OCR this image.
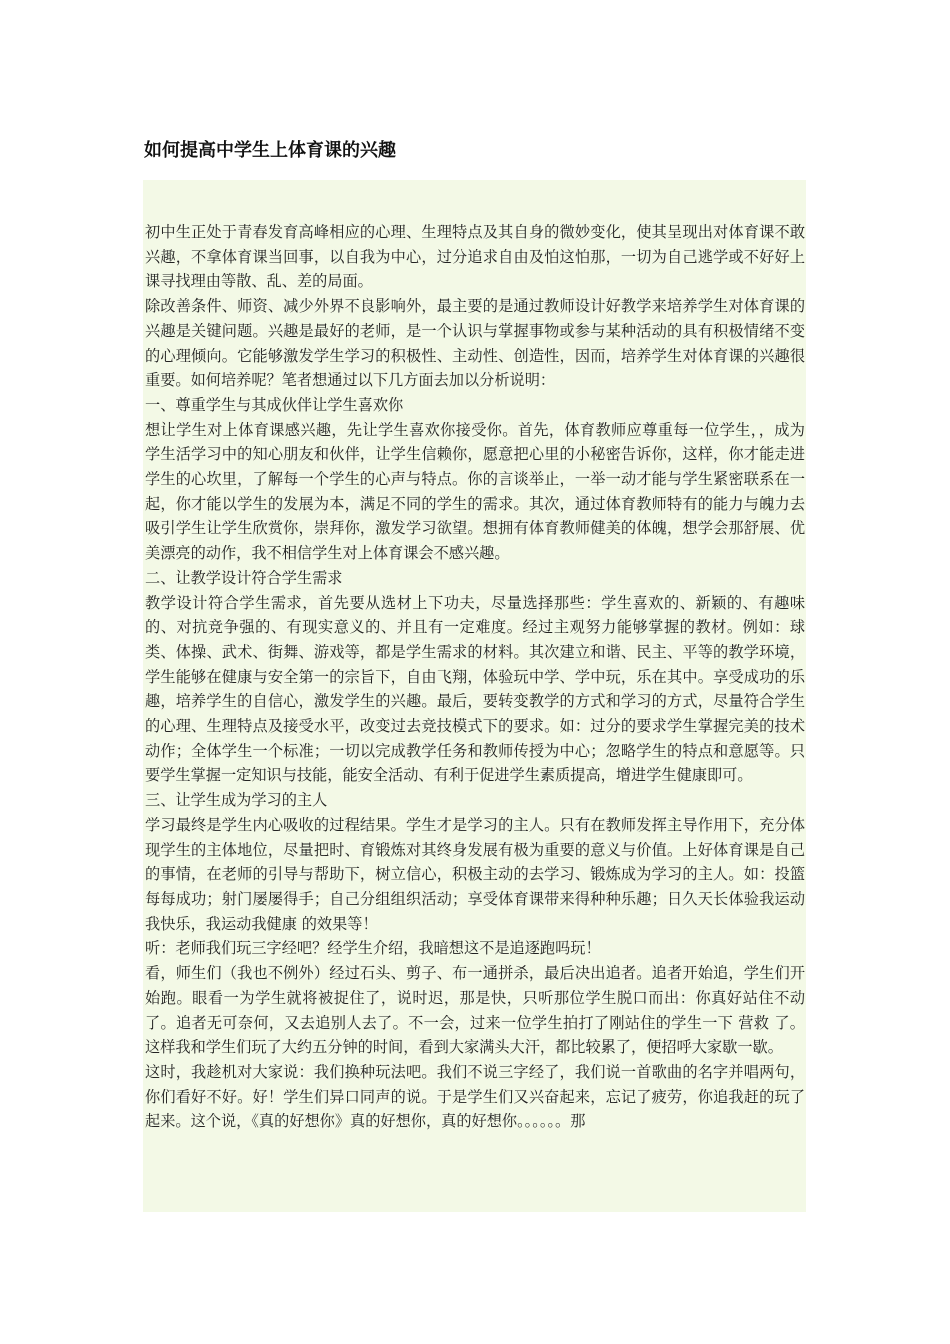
如何提高中学生上体育课的兴趣

初中生正处于青春发育高峰相应的心理、生理特点及其自身的微妙变化，使其呈现出对体育课不敢兴趣，不拿体育课当回事，以自我为中心，过分追求自由及怕这怕那，一切为自己逃学或不好好上课寻找理由等散、乱、差的局面。

除改善条件、师资、减少外界不良影响外，最主要的是通过教师设计好教学来培养学生对体育课的兴趣是关键问题。兴趣是最好的老师，是一个认识与掌握事物或参与某种活动的具有积极情绪不变的心理倾向。它能够激发学生学习的积极性、主动性、创造性，因而，培养学生对体育课的兴趣很重要。如何培养呢？笔者想通过以下几方面去加以分析说明：

一、尊重学生与其成伙伴让学生喜欢你

想让学生对上体育课感兴趣，先让学生喜欢你接受你。首先，体育教师应尊重每一位学生，，成为学生活学习中的知心朋友和伙伴，让学生信赖你，愿意把心里的小秘密告诉你，这样，你才能走进学生的心坎里，了解每一个学生的心声与特点。你的言谈举止，一举一动才能与学生紧密联系在一起，你才能以学生的发展为本，满足不同的学生的需求。其次，通过体育教师特有的能力与魄力去吸引学生让学生欣赏你，崇拜你，激发学习欲望。想拥有体育教师健美的体魄，想学会那舒展、优美漂亮的动作，我不相信学生对上体育课会不感兴趣。

二、让教学设计符合学生需求

教学设计符合学生需求，首先要从选材上下功夫，尽量选择那些：学生喜欢的、新颖的、有趣味的、对抗竞争强的、有现实意义的、并且有一定难度。经过主观努力能够掌握的教材。例如：球类、体操、武术、街舞、游戏等，都是学生需求的材料。其次建立和谐、民主、平等的教学环境，学生能够在健康与安全第一的宗旨下，自由飞翔，体验玩中学、学中玩，乐在其中。享受成功的乐趣，培养学生的自信心，激发学生的兴趣。最后，要转变教学的方式和学习的方式，尽量符合学生的心理、生理特点及接受水平，改变过去竞技模式下的要求。如：过分的要求学生掌握完美的技术动作；全体学生一个标准；一切以完成教学任务和教师传授为中心；忽略学生的特点和意愿等。只要学生掌握一定知识与技能，能安全活动、有利于促进学生素质提高，增进学生健康即可。

三、让学生成为学习的主人

学习最终是学生内心吸收的过程结果。学生才是学习的主人。只有在教师发挥主导作用下，充分体现学生的主体地位，尽量把时、育锻炼对其终身发展有极为重要的意义与价值。上好体育课是自己的事情，在老师的引导与帮助下，树立信心，积极主动的去学习、锻炼成为学习的主人。如：投篮每每成功；射门屡屡得手；自己分组组织活动；享受体育课带来得种种乐趣；日久天长体验我运动我快乐，我运动我健康 的效果等！

听：老师我们玩三字经吧？经学生介绍，我暗想这不是追逐跑吗玩！

看，师生们（我也不例外）经过石头、剪子、布一通拼杀，最后决出追者。追者开始追，学生们开始跑。眼看一为学生就将被捉住了，说时迟，那是快，只听那位学生脱口而出：你真好站住不动了。追者无可奈何，又去追别人去了。不一会，过来一位学生拍打了刚站住的学生一下 营救 了。这样我和学生们玩了大约五分钟的时间，看到大家满头大汗，都比较累了，便招呼大家歇一歇。

这时，我趁机对大家说：我们换种玩法吧。我们不说三字经了，我们说一首歌曲的名字并唱两句，你们看好不好。好！学生们异口同声的说。于是学生们又兴奋起来，忘记了疲劳，你追我赶的玩了起来。这个说，《真的好想你》真的好想你，真的好想你。。。。。。那
